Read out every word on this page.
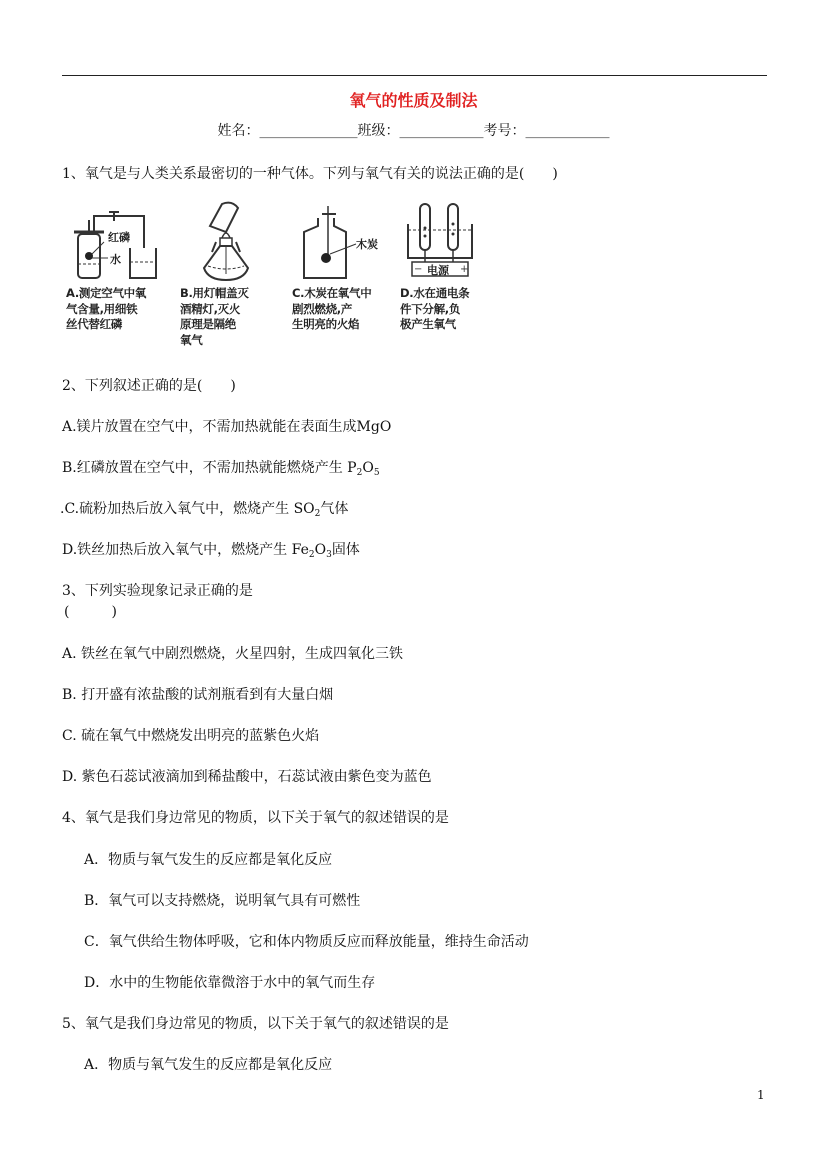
氧气的性质及制法
姓名：______________班级：____________考号：____________
1、氧气是与人类关系最密切的一种气体。下列与氧气有关的说法正确的是(　　)
红磷
水
A.测定空气中氧
气含量,用细铁
丝代替红磷
B.用灯帽盖灭
酒精灯,灭火
原理是隔绝
氧气
木炭
C.木炭在氧气中
剧烈燃烧,产
生明亮的火焰
−	+
电源
D.水在通电条
件下分解,负
极产生氧气
2、下列叙述正确的是(　　)
A.镁片放置在空气中，不需加热就能在表面生成MgO
B.红磷放置在空气中，不需加热就能燃烧产生 $P_2O_5$
.C.硫粉加热后放入氧气中，燃烧产生 $SO_2$气体
D.铁丝加热后放入氧气中，燃烧产生 $Fe_2O_3$固体
3、下列实验现象记录正确的是
(　　　)
A. 铁丝在氧气中剧烈燃烧，火星四射，生成四氧化三铁
B. 打开盛有浓盐酸的试剂瓶看到有大量白烟
C. 硫在氧气中燃烧发出明亮的蓝紫色火焰
D. 紫色石蕊试液滴加到稀盐酸中，石蕊试液由紫色变为蓝色
4、氧气是我们身边常见的物质，以下关于氧气的叙述错误的是
A．物质与氧气发生的反应都是氧化反应
B．氧气可以支持燃烧，说明氧气具有可燃性
C．氧气供给生物体呼吸，它和体内物质反应而释放能量，维持生命活动
D．水中的生物能依靠微溶于水中的氧气而生存
5、氧气是我们身边常见的物质，以下关于氧气的叙述错误的是
A．物质与氧气发生的反应都是氧化反应
1
